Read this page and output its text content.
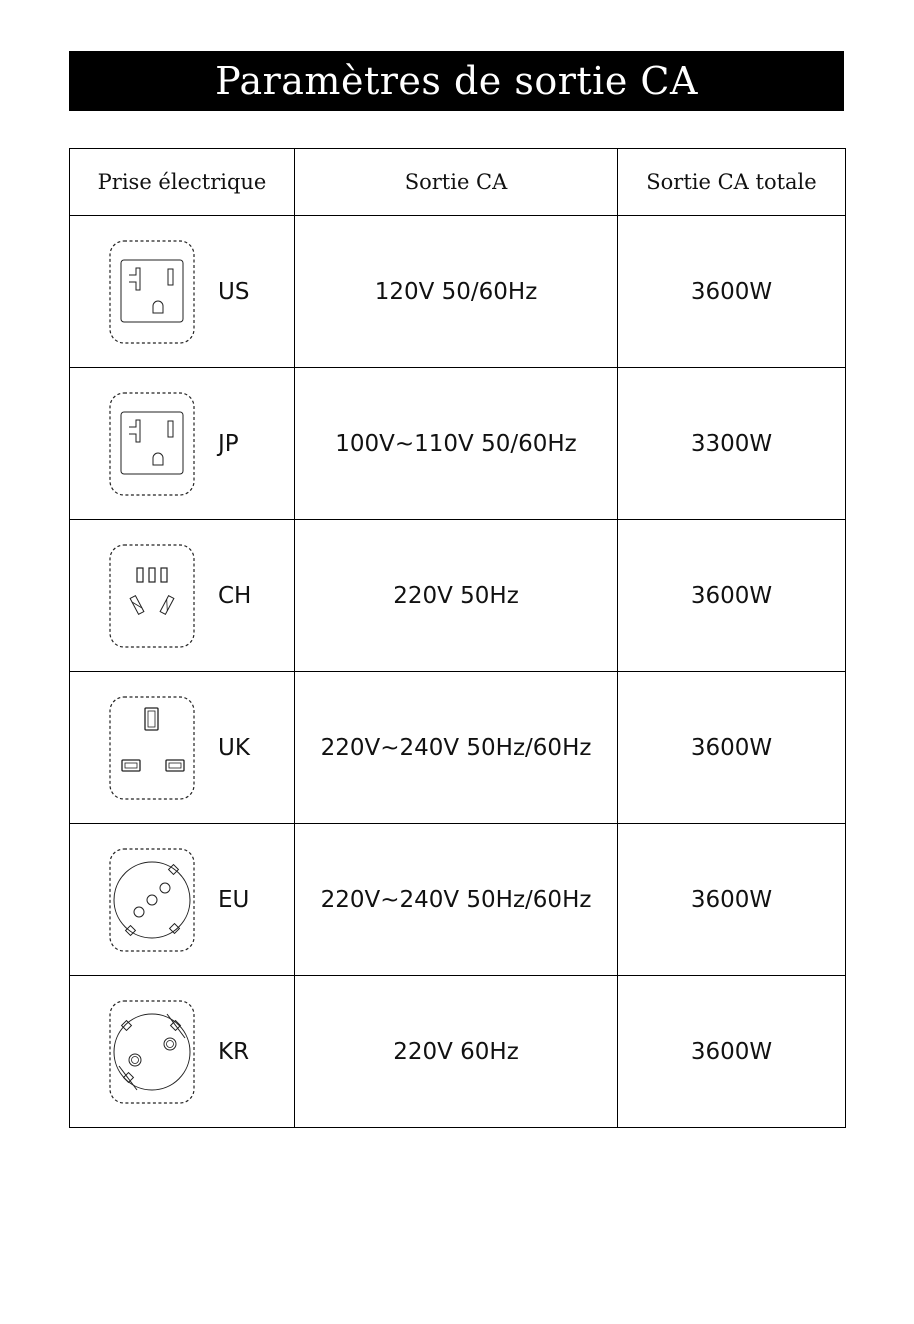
Paramètres de sortie CA
Prise électrique	Sortie CA	Sortie CA totale

US	120V 50/60Hz	3600W

JP	100V~110V 50/60Hz	3300W

CH	220V 50Hz	3600W

UK	220V~240V 50Hz/60Hz	3600W

EU	220V~240V 50Hz/60Hz	3600W

KR	220V 60Hz	3600W
